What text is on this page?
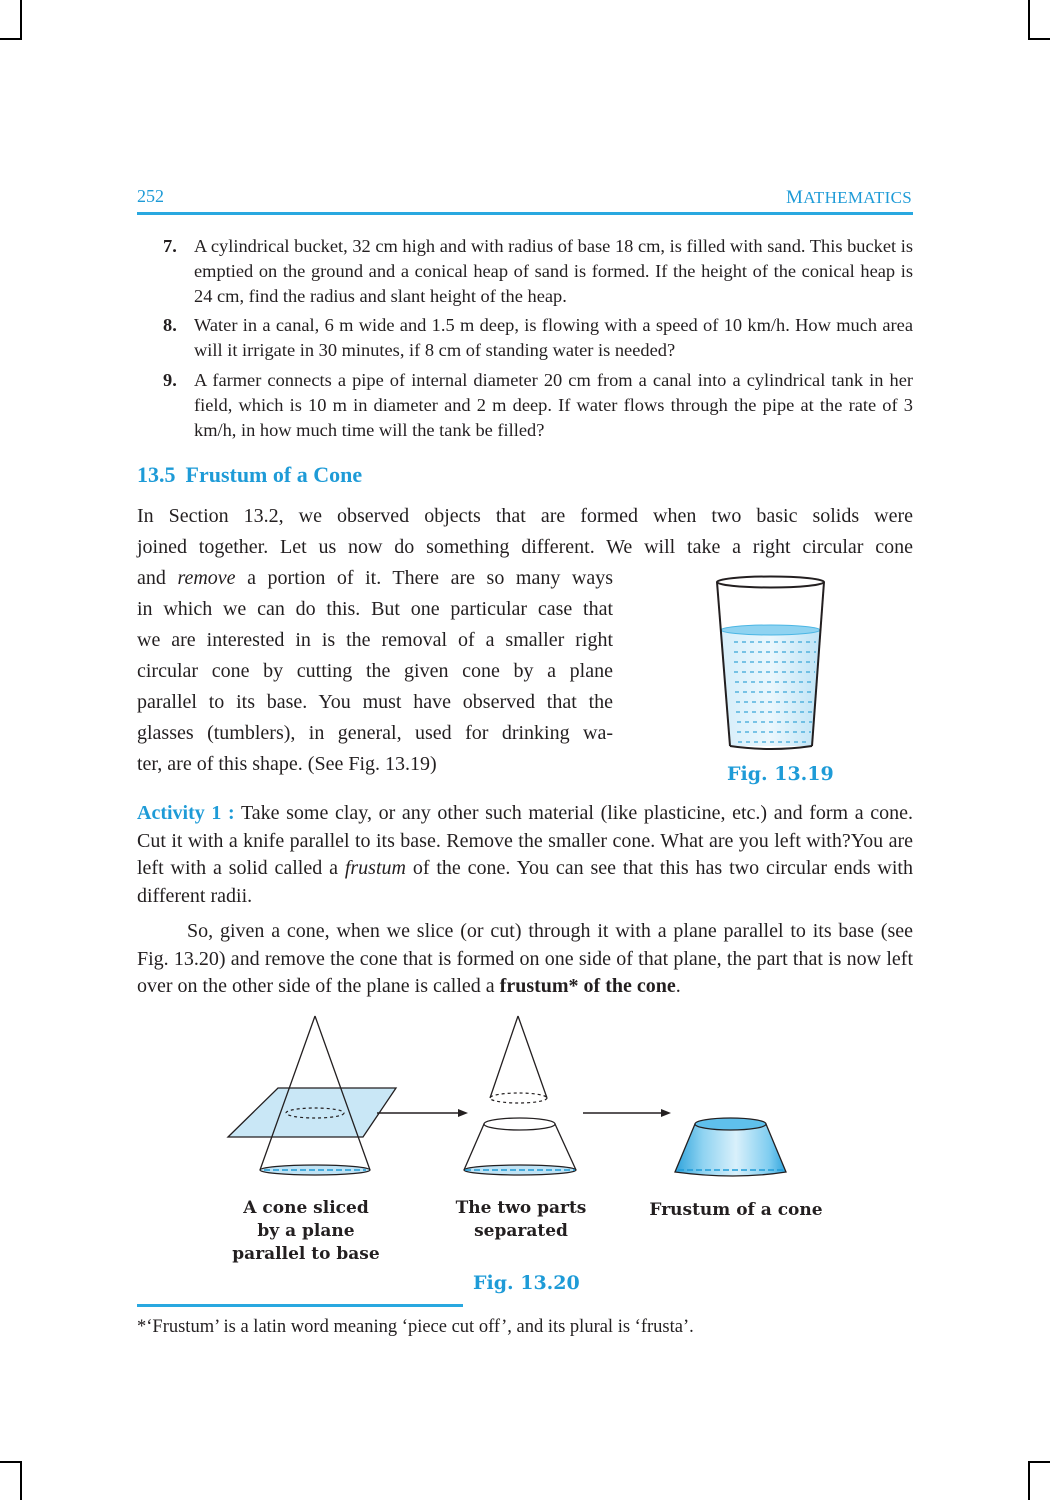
252	MATHEMATICS
7. A cylindrical bucket, 32 cm high and with radius of base 18 cm, is filled with sand. This bucket is emptied on the ground and a conical heap of sand is formed. If the height of the conical heap is 24 cm, find the radius and slant height of the heap.
8. Water in a canal, 6 m wide and 1.5 m deep, is flowing with a speed of 10 km/h. How much area will it irrigate in 30 minutes, if 8 cm of standing water is needed?
9. A farmer connects a pipe of internal diameter 20 cm from a canal into a cylindrical tank in her field, which is 10 m in diameter and 2 m deep. If water flows through the pipe at the rate of 3 km/h, in how much time will the tank be filled?
13.5 Frustum of a Cone
In Section 13.2, we observed objects that are formed when two basic solids were
joined together. Let us now do something different. We will take a right circular cone
and remove a portion of it. There are so many ways
in which we can do this. But one particular case that
we are interested in is the removal of a smaller right
circular cone by cutting the given cone by a plane
parallel to its base. You must have observed that the
glasses (tumblers), in general, used for drinking wa-
ter, are of this shape. (See Fig. 13.19)	Fig. 13.19
Activity 1 : Take some clay, or any other such material (like plasticine, etc.) and form a cone. Cut it with a knife parallel to its base. Remove the smaller cone. What are you left with?You are left with a solid called a frustum of the cone. You can see that this has two circular ends with different radii.
So, given a cone, when we slice (or cut) through it with a plane parallel to its base (see Fig. 13.20) and remove the cone that is formed on one side of that plane, the part that is now left over on the other side of the plane is called a frustum* of the cone.
A cone sliced
by a plane
parallel to base
The two parts
separated
Frustum of a cone
Fig. 13.20
*‘Frustum’ is a latin word meaning ‘piece cut off’, and its plural is ‘frusta’.
